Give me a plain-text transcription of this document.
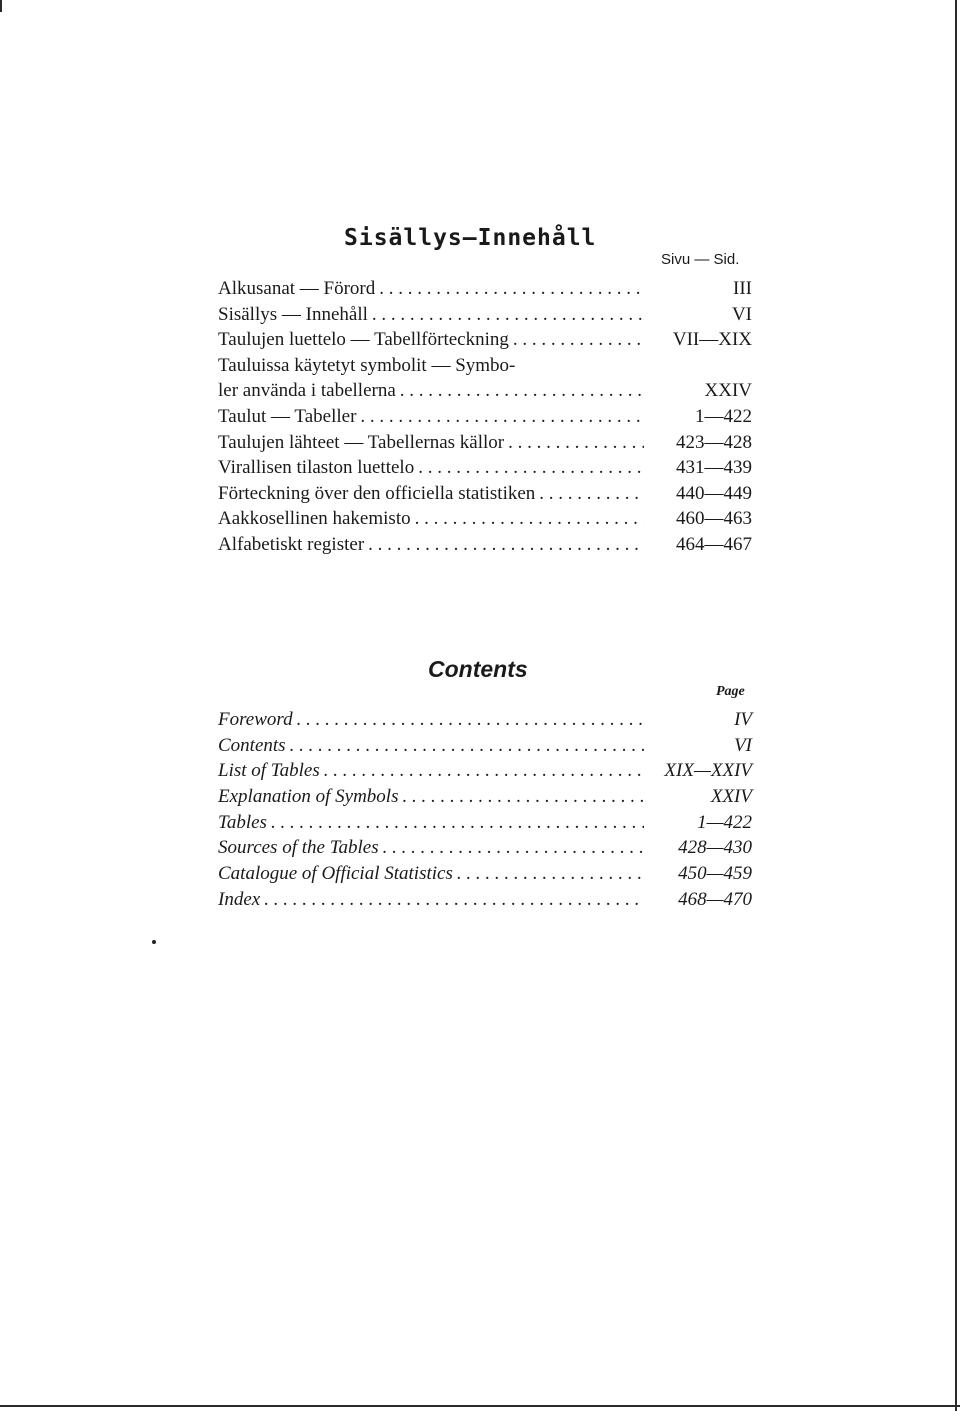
Sisällys—Innehåll
Sivu — Sid.
Alkusanat — Förord . . .	III
Sisällys — Innehåll . . .	VI
Taulujen luettelo — Tabellförteckning . . .	VII—XIX
Tauluissa käytetyt symbolit — Symbo-
ler använda i tabellerna . . .	XXIV
Taulut — Tabeller . . .	1—422
Taulujen lähteet — Tabellernas källor . . .	423—428
Virallisen tilaston luettelo . . .	431—439
Förteckning över den officiella statistiken . . .	440—449
Aakkosellinen hakemisto . . .	460—463
Alfabetiskt register . . .	464—467
Contents
Page
Foreword . . .	IV
Contents . . .	VI
List of Tables . . .	XIX—XXIV
Explanation of Symbols . . .	XXIV
Tables . . .	1—422
Sources of the Tables . . .	428—430
Catalogue of Official Statistics . . .	450—459
Index . . .	468—470
